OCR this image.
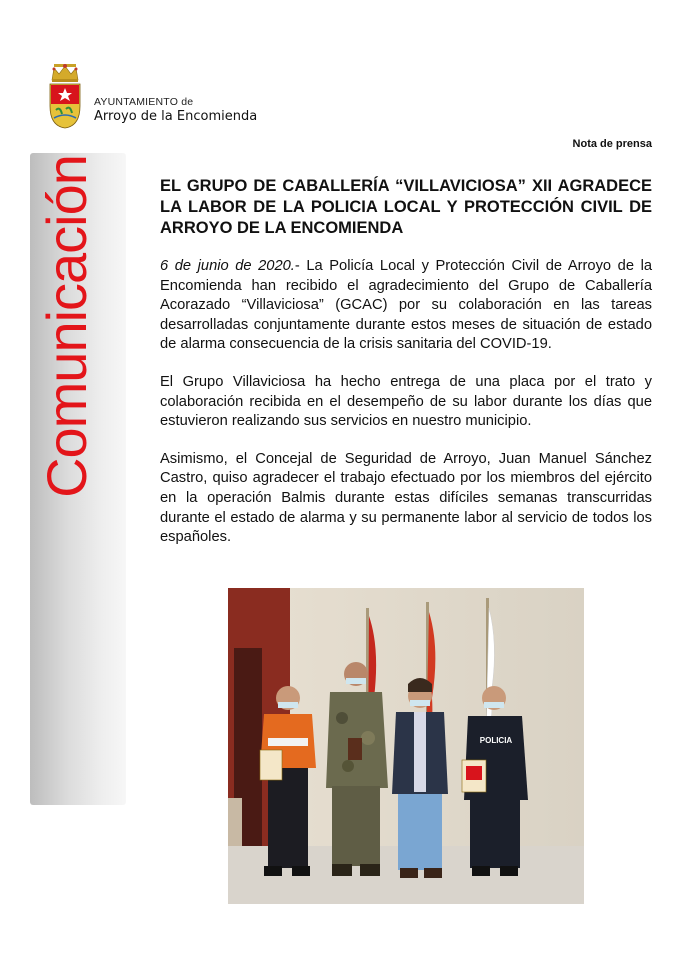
AYUNTAMIENTO de
Arroyo de la Encomienda
Nota de prensa
Comunicación	EL GRUPO DE CABALLERÍA “VILLAVICIOSA” XII AGRADECE LA LABOR DE LA POLICIA LOCAL Y PROTECCIÓN CIVIL DE ARROYO DE LA ENCOMIENDA

6 de junio de 2020.- La Policía Local y Protección Civil de Arroyo de la Encomienda han recibido el agradecimiento del Grupo de Caballería Acorazado “Villaviciosa” (GCAC) por su colaboración en las tareas desarrolladas conjuntamente durante estos meses de situación de estado de alarma consecuencia de la crisis sanitaria del COVID-19.

El Grupo Villaviciosa ha hecho entrega de una placa por el trato y colaboración recibida en el desempeño de su labor durante los días que estuvieron realizando sus servicios en nuestro municipio.

Asimismo, el Concejal de Seguridad de Arroyo, Juan Manuel Sánchez Castro, quiso agradecer el trabajo efectuado por los miembros del ejército en la operación Balmis durante estas difíciles semanas transcurridas durante el estado de alarma y su permanente labor al servicio de todos los españoles.

POLICIA
